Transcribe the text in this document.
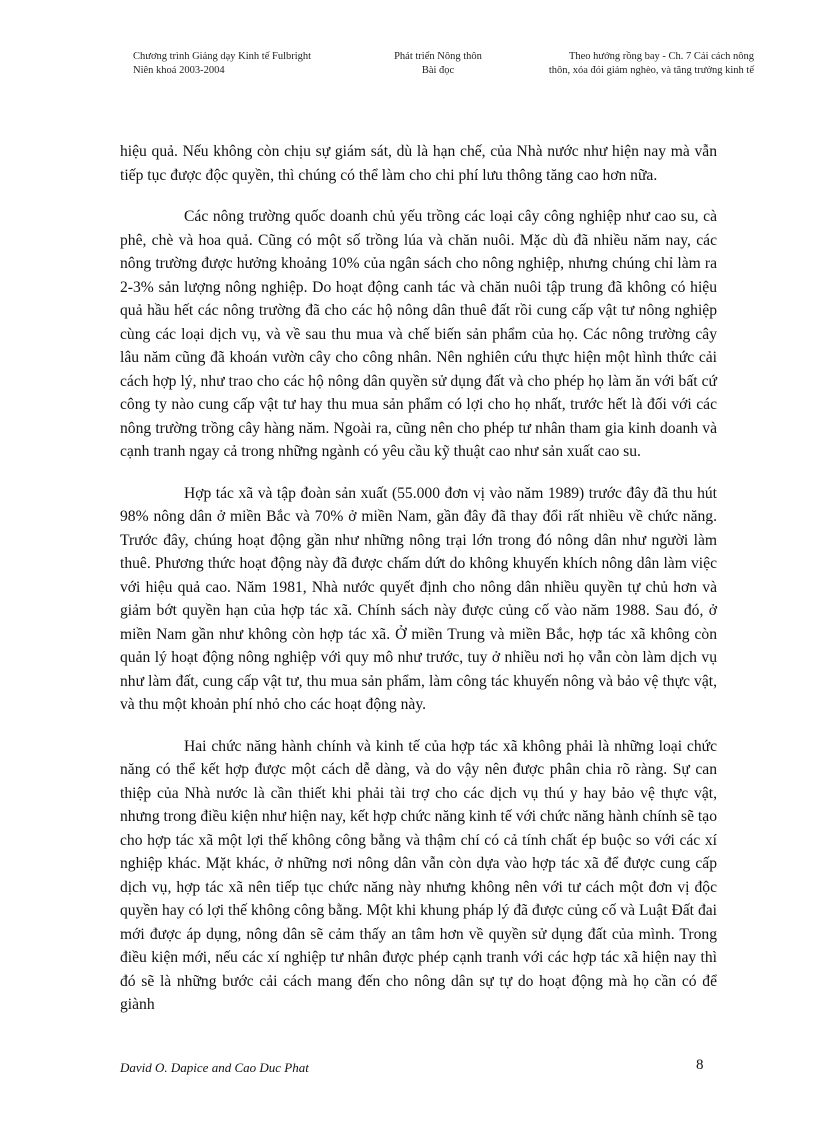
Chương trình Giảng dạy Kinh tế Fulbright
Niên khoá 2003-2004
Phát triển Nông thôn
Bài đọc
Theo hướng rồng bay - Ch. 7 Cải cách nông
thôn, xóa đói giảm nghèo, và tăng trưởng kinh tế

hiệu quả. Nếu không còn chịu sự giám sát, dù là hạn chế, của Nhà nước như hiện nay mà vẫn tiếp tục được độc quyền, thì chúng có thể làm cho chi phí lưu thông tăng cao hơn nữa.

Các nông trường quốc doanh chủ yếu trồng các loại cây công nghiệp như cao su, cà phê, chè và hoa quả. Cũng có một số trồng lúa và chăn nuôi. Mặc dù đã nhiều năm nay, các nông trường được hưởng khoảng 10% của ngân sách cho nông nghiệp, nhưng chúng chỉ làm ra 2-3% sản lượng nông nghiệp. Do hoạt động canh tác và chăn nuôi tập trung đã không có hiệu quả hầu hết các nông trường đã cho các hộ nông dân thuê đất rồi cung cấp vật tư nông nghiệp cùng các loại dịch vụ, và về sau thu mua và chế biến sản phẩm của họ. Các nông trường cây lâu năm cũng đã khoán vườn cây cho công nhân. Nên nghiên cứu thực hiện một hình thức cải cách hợp lý, như trao cho các hộ nông dân quyền sử dụng đất và cho phép họ làm ăn với bất cứ công ty nào cung cấp vật tư hay thu mua sản phẩm có lợi cho họ nhất, trước hết là đối với các nông trường trồng cây hàng năm. Ngoài ra, cũng nên cho phép tư nhân tham gia kinh doanh và cạnh tranh ngay cả trong những ngành có yêu cầu kỹ thuật cao như sản xuất cao su.

Hợp tác xã và tập đoàn sản xuất (55.000 đơn vị vào năm 1989) trước đây đã thu hút 98% nông dân ở miền Bắc và 70% ở miền Nam, gần đây đã thay đổi rất nhiều về chức năng. Trước đây, chúng hoạt động gần như những nông trại lớn trong đó nông dân như người làm thuê. Phương thức hoạt động này đã được chấm dứt do không khuyến khích nông dân làm việc với hiệu quả cao. Năm 1981, Nhà nước quyết định cho nông dân nhiều quyền tự chủ hơn và giảm bớt quyền hạn của hợp tác xã. Chính sách này được củng cố vào năm 1988. Sau đó, ở miền Nam gần như không còn hợp tác xã. Ở miền Trung và miền Bắc, hợp tác xã không còn quản lý hoạt động nông nghiệp với quy mô như trước, tuy ở nhiều nơi họ vẫn còn làm dịch vụ như làm đất, cung cấp vật tư, thu mua sản phẩm, làm công tác khuyến nông và bảo vệ thực vật, và thu một khoản phí nhỏ cho các hoạt động này.

Hai chức năng hành chính và kinh tế của hợp tác xã không phải là những loại chức năng có thể kết hợp được một cách dễ dàng, và do vậy nên được phân chia rõ ràng. Sự can thiệp của Nhà nước là cần thiết khi phải tài trợ cho các dịch vụ thú y hay bảo vệ thực vật, nhưng trong điều kiện như hiện nay, kết hợp chức năng kinh tế với chức năng hành chính sẽ tạo cho hợp tác xã một lợi thế không công bằng và thậm chí có cả tính chất ép buộc so với các xí nghiệp khác. Mặt khác, ở những nơi nông dân vẫn còn dựa vào hợp tác xã để được cung cấp dịch vụ, hợp tác xã nên tiếp tục chức năng này nhưng không nên với tư cách một đơn vị độc quyền hay có lợi thế không công bằng. Một khi khung pháp lý đã được củng cố và Luật Đất đai mới được áp dụng, nông dân sẽ cảm thấy an tâm hơn về quyền sử dụng đất của mình. Trong điều kiện mới, nếu các xí nghiệp tư nhân được phép cạnh tranh với các hợp tác xã hiện nay thì đó sẽ là những bước cải cách mang đến cho nông dân sự tự do hoạt động mà họ cần có để giành

David O. Dapice and Cao Duc Phat	8
